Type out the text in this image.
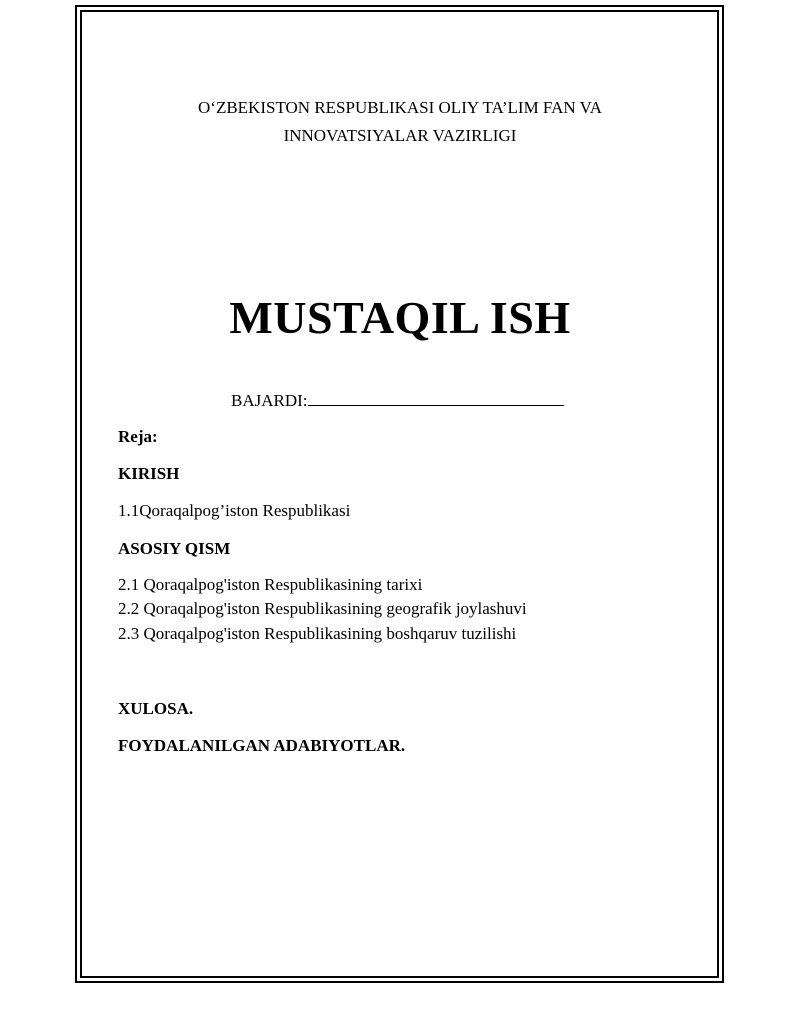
O‘ZBEKISTON RESPUBLIKASI OLIY TA’LIM FAN VA
INNOVATSIYALAR VAZIRLIGI
MUSTAQIL ISH
BAJARDI:
Reja:
KIRISH
1.1Qoraqalpog’iston Respublikasi
ASOSIY QISM
2.1 Qoraqalpog'iston Respublikasining tarixi
2.2 Qoraqalpog'iston Respublikasining geografik joylashuvi
2.3 Qoraqalpog'iston Respublikasining boshqaruv tuzilishi
XULOSA.
FOYDALANILGAN ADABIYOTLAR.
